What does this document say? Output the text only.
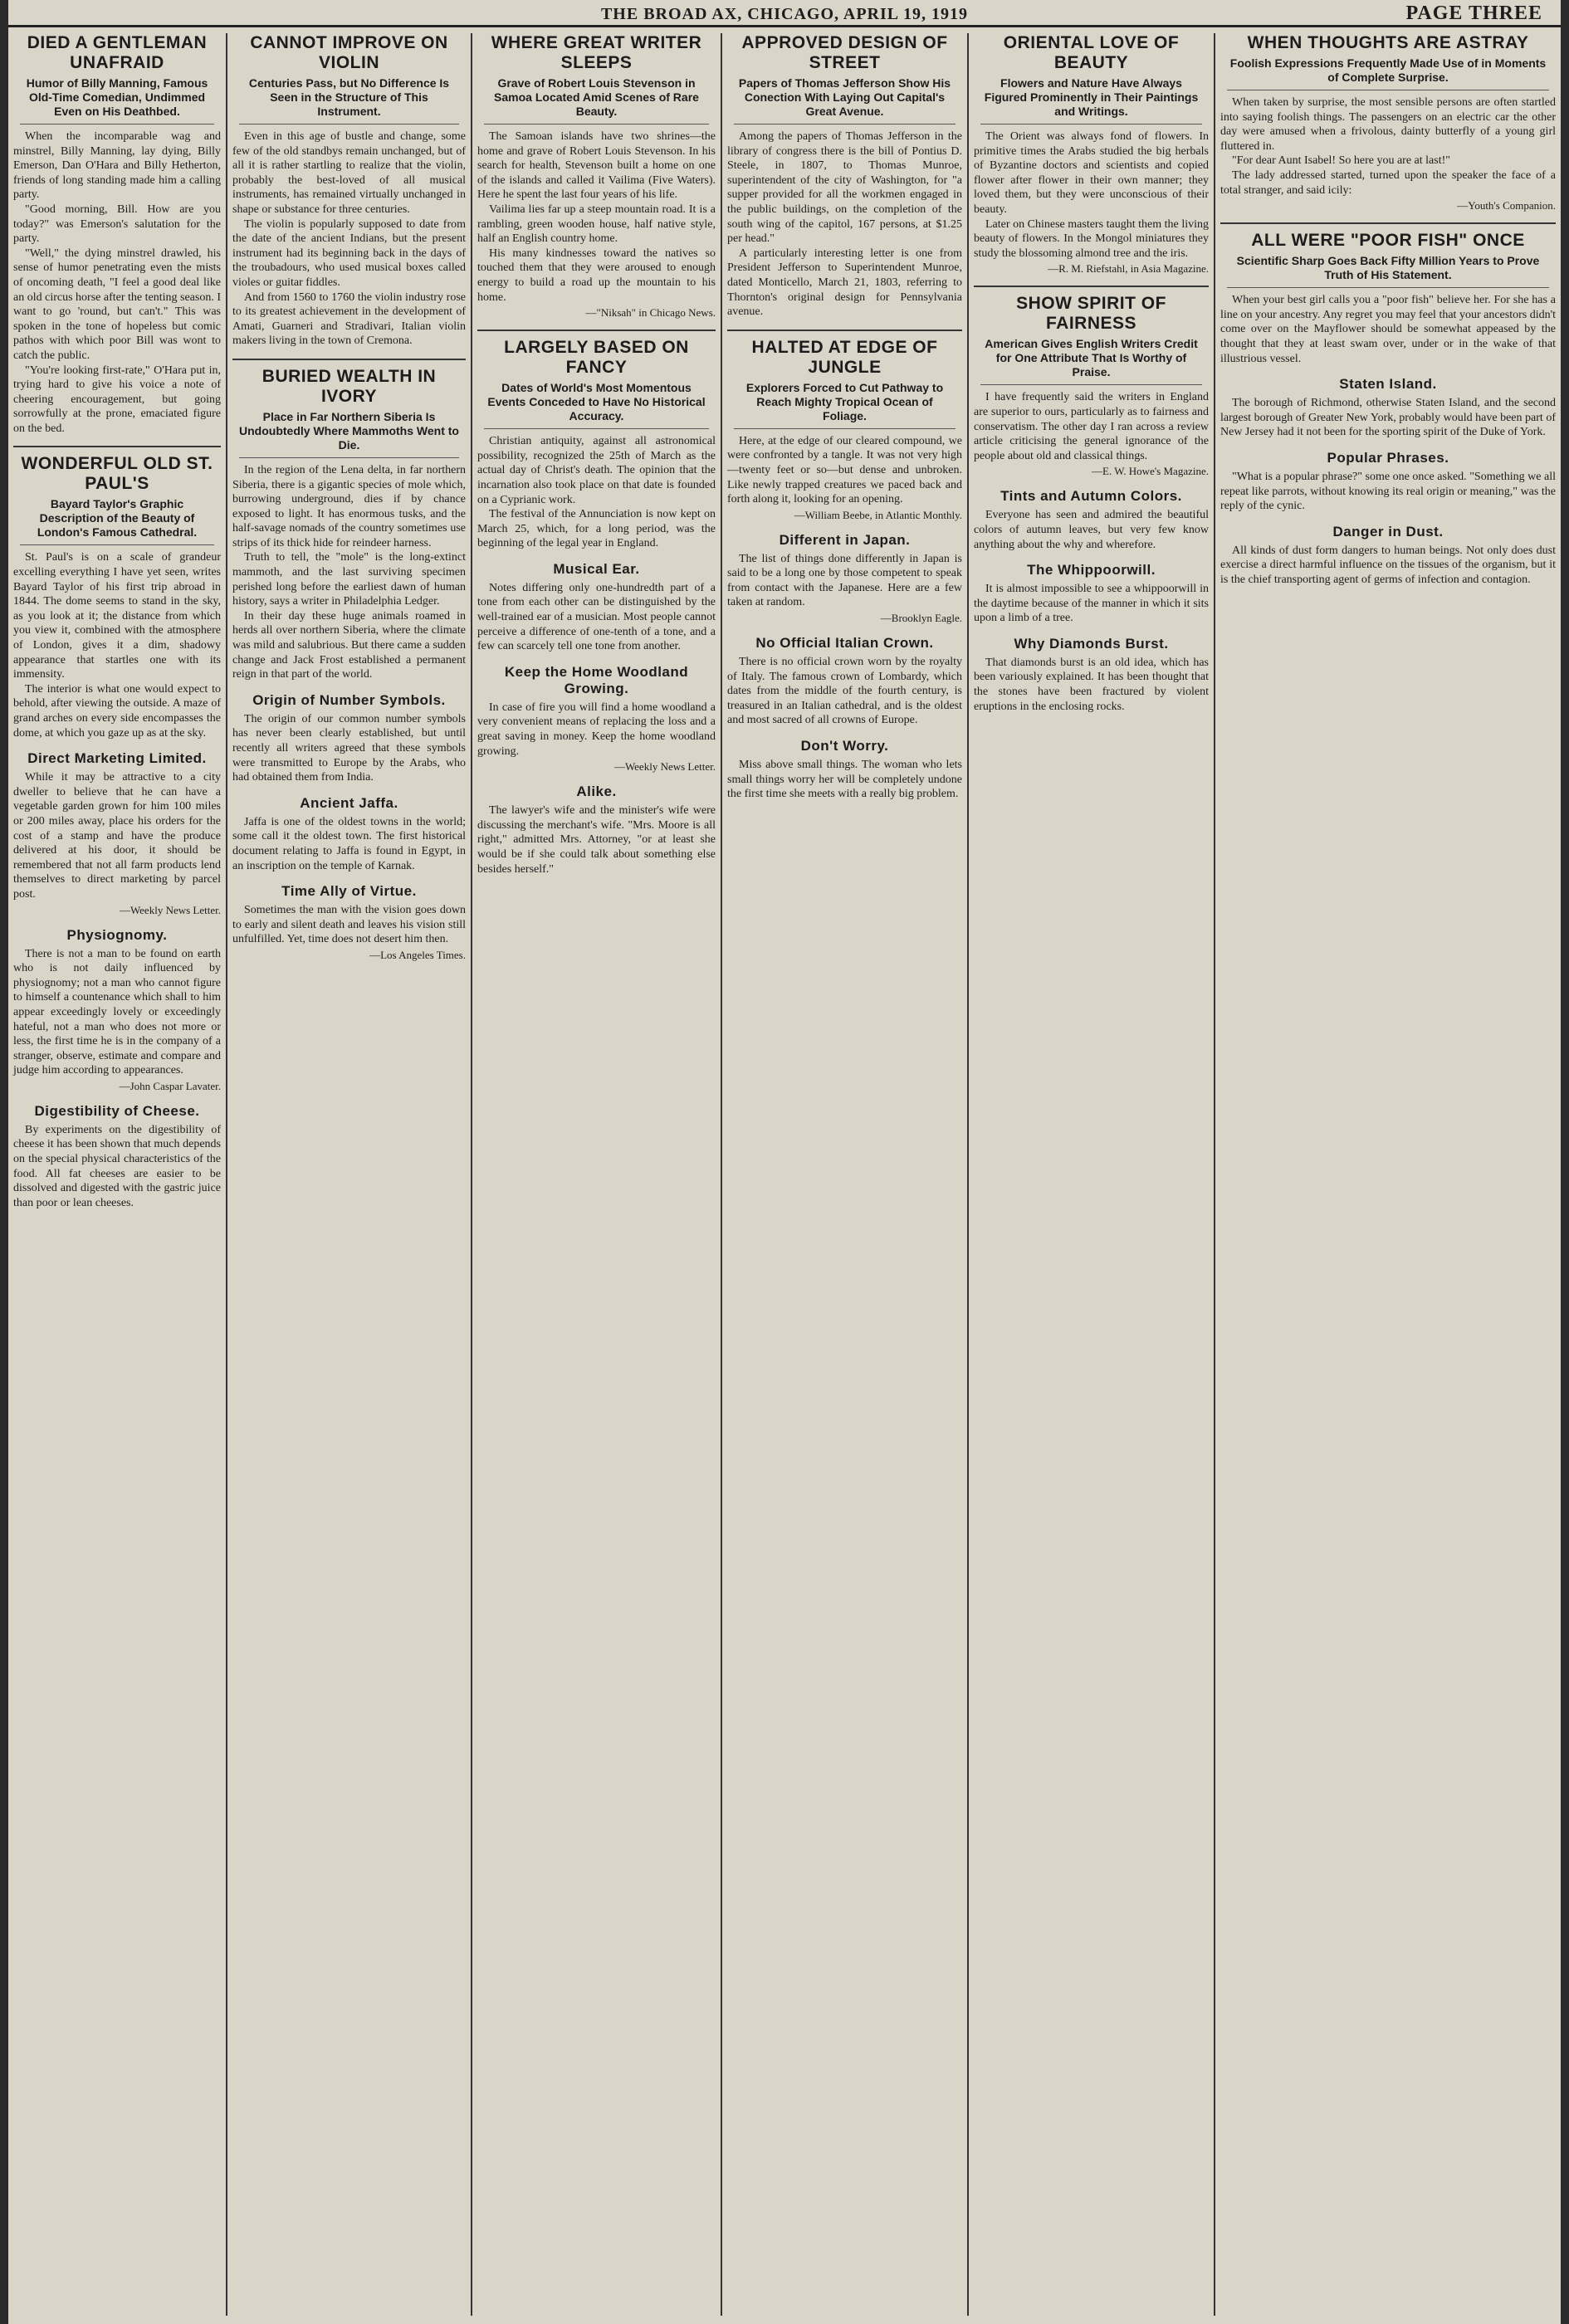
THE BROAD AX, CHICAGO, APRIL 19, 1919	PAGE THREE
DIED A GENTLEMAN UNAFRAID
Humor of Billy Manning, Famous Old-Time Comedian, Undimmed Even on His Deathbed.

When the incomparable wag and minstrel, Billy Manning, lay dying, Billy Emerson, Dan O'Hara and Billy Hetherton, friends of long standing made him a calling party.

"Good morning, Bill. How are you today?" was Emerson's salutation for the party.

"Well," the dying minstrel drawled, his sense of humor penetrating even the mists of oncoming death, "I feel a good deal like an old circus horse after the tenting season. I want to go 'round, but can't." This was spoken in the tone of hopeless but comic pathos with which poor Bill was wont to catch the public.

"You're looking first-rate," O'Hara put in, trying hard to give his voice a note of cheering encouragement, but going sorrowfully at the prone, emaciated figure on the bed.

WONDERFUL OLD ST. PAUL'S
Bayard Taylor's Graphic Description of the Beauty of London's Famous Cathedral.

St. Paul's is on a scale of grandeur excelling everything I have yet seen, writes Bayard Taylor of his first trip abroad in 1844. The dome seems to stand in the sky, as you look at it; the distance from which you view it, combined with the atmosphere of London, gives it a dim, shadowy appearance that startles one with its immensity.

The interior is what one would expect to behold, after viewing the outside. A maze of grand arches on every side encompasses the dome, at which you gaze up as at the sky.

Direct Marketing Limited.

While it may be attractive to a city dweller to believe that he can have a vegetable garden grown for him 100 miles or 200 miles away, place his orders for the cost of a stamp and have the produce delivered at his door, it should be remembered that not all farm products lend themselves to direct marketing by parcel post.

—Weekly News Letter.
Physiognomy.

There is not a man to be found on earth who is not daily influenced by physiognomy; not a man who cannot figure to himself a countenance which shall to him appear exceedingly lovely or exceedingly hateful, not a man who does not more or less, the first time he is in the company of a stranger, observe, estimate and compare and judge him according to appearances.

—John Caspar Lavater.
Digestibility of Cheese.

By experiments on the digestibility of cheese it has been shown that much depends on the special physical characteristics of the food. All fat cheeses are easier to be dissolved and digested with the gastric juice than poor or lean cheeses.

CANNOT IMPROVE ON VIOLIN
Centuries Pass, but No Difference Is Seen in the Structure of This Instrument.

Even in this age of bustle and change, some few of the old standbys remain unchanged, but of all it is rather startling to realize that the violin, probably the best-loved of all musical instruments, has remained virtually unchanged in shape or substance for three centuries.

The violin is popularly supposed to date from the date of the ancient Indians, but the present instrument had its beginning back in the days of the troubadours, who used musical boxes called violes or guitar fiddles.

And from 1560 to 1760 the violin industry rose to its greatest achievement in the development of Amati, Guarneri and Stradivari, Italian violin makers living in the town of Cremona.

BURIED WEALTH IN IVORY
Place in Far Northern Siberia Is Undoubtedly Where Mammoths Went to Die.

In the region of the Lena delta, in far northern Siberia, there is a gigantic species of mole which, burrowing underground, dies if by chance exposed to light. It has enormous tusks, and the half-savage nomads of the country sometimes use strips of its thick hide for reindeer harness.

Truth to tell, the "mole" is the long-extinct mammoth, and the last surviving specimen perished long before the earliest dawn of human history, says a writer in Philadelphia Ledger.

In their day these huge animals roamed in herds all over northern Siberia, where the climate was mild and salubrious. But there came a sudden change and Jack Frost established a permanent reign in that part of the world.

Origin of Number Symbols.

The origin of our common number symbols has never been clearly established, but until recently all writers agreed that these symbols were transmitted to Europe by the Arabs, who had obtained them from India.

Ancient Jaffa.

Jaffa is one of the oldest towns in the world; some call it the oldest town. The first historical document relating to Jaffa is found in Egypt, in an inscription on the temple of Karnak.

Time Ally of Virtue.

Sometimes the man with the vision goes down to early and silent death and leaves his vision still unfulfilled. Yet, time does not desert him then.

—Los Angeles Times.
WHERE GREAT WRITER SLEEPS
Grave of Robert Louis Stevenson in Samoa Located Amid Scenes of Rare Beauty.

The Samoan islands have two shrines—the home and grave of Robert Louis Stevenson. In his search for health, Stevenson built a home on one of the islands and called it Vailima (Five Waters). Here he spent the last four years of his life.

Vailima lies far up a steep mountain road. It is a rambling, green wooden house, half native style, half an English country home.

His many kindnesses toward the natives so touched them that they were aroused to enough energy to build a road up the mountain to his home.

—"Niksah" in Chicago News.
LARGELY BASED ON FANCY
Dates of World's Most Momentous Events Conceded to Have No Historical Accuracy.

Christian antiquity, against all astronomical possibility, recognized the 25th of March as the actual day of Christ's death. The opinion that the incarnation also took place on that date is founded on a Cyprianic work.

The festival of the Annunciation is now kept on March 25, which, for a long period, was the beginning of the legal year in England.

Musical Ear.

Notes differing only one-hundredth part of a tone from each other can be distinguished by the well-trained ear of a musician. Most people cannot perceive a difference of one-tenth of a tone, and a few can scarcely tell one tone from another.

Keep the Home Woodland Growing.

In case of fire you will find a home woodland a very convenient means of replacing the loss and a great saving in money. Keep the home woodland growing.

—Weekly News Letter.
Alike.

The lawyer's wife and the minister's wife were discussing the merchant's wife. "Mrs. Moore is all right," admitted Mrs. Attorney, "or at least she would be if she could talk about something else besides herself."

APPROVED DESIGN OF STREET
Papers of Thomas Jefferson Show His Conection With Laying Out Capital's Great Avenue.

Among the papers of Thomas Jefferson in the library of congress there is the bill of Pontius D. Steele, in 1807, to Thomas Munroe, superintendent of the city of Washington, for "a supper provided for all the workmen engaged in the public buildings, on the completion of the south wing of the capitol, 167 persons, at $1.25 per head."

A particularly interesting letter is one from President Jefferson to Superintendent Munroe, dated Monticello, March 21, 1803, referring to Thornton's original design for Pennsylvania avenue.

HALTED AT EDGE OF JUNGLE
Explorers Forced to Cut Pathway to Reach Mighty Tropical Ocean of Foliage.

Here, at the edge of our cleared compound, we were confronted by a tangle. It was not very high—twenty feet or so—but dense and unbroken. Like newly trapped creatures we paced back and forth along it, looking for an opening.

—William Beebe, in Atlantic Monthly.
Different in Japan.

The list of things done differently in Japan is said to be a long one by those competent to speak from contact with the Japanese. Here are a few taken at random.

—Brooklyn Eagle.
No Official Italian Crown.

There is no official crown worn by the royalty of Italy. The famous crown of Lombardy, which dates from the middle of the fourth century, is treasured in an Italian cathedral, and is the oldest and most sacred of all crowns of Europe.

Don't Worry.

Miss above small things. The woman who lets small things worry her will be completely undone the first time she meets with a really big problem.

ORIENTAL LOVE OF BEAUTY
Flowers and Nature Have Always Figured Prominently in Their Paintings and Writings.

The Orient was always fond of flowers. In primitive times the Arabs studied the big herbals of Byzantine doctors and scientists and copied flower after flower in their own manner; they loved them, but they were unconscious of their beauty.

Later on Chinese masters taught them the living beauty of flowers. In the Mongol miniatures they study the blossoming almond tree and the iris.

—R. M. Riefstahl, in Asia Magazine.
SHOW SPIRIT OF FAIRNESS
American Gives English Writers Credit for One Attribute That Is Worthy of Praise.

I have frequently said the writers in England are superior to ours, particularly as to fairness and conservatism. The other day I ran across a review article criticising the general ignorance of the people about old and classical things.

—E. W. Howe's Magazine.
Tints and Autumn Colors.

Everyone has seen and admired the beautiful colors of autumn leaves, but very few know anything about the why and wherefore.

The Whippoorwill.

It is almost impossible to see a whippoorwill in the daytime because of the manner in which it sits upon a limb of a tree.

Why Diamonds Burst.

That diamonds burst is an old idea, which has been variously explained. It has been thought that the stones have been fractured by violent eruptions in the enclosing rocks.

WHEN THOUGHTS ARE ASTRAY
Foolish Expressions Frequently Made Use of in Moments of Complete Surprise.

When taken by surprise, the most sensible persons are often startled into saying foolish things. The passengers on an electric car the other day were amused when a frivolous, dainty butterfly of a young girl fluttered in.

"For dear Aunt Isabel! So here you are at last!"

The lady addressed started, turned upon the speaker the face of a total stranger, and said icily:

—Youth's Companion.
ALL WERE "POOR FISH" ONCE
Scientific Sharp Goes Back Fifty Million Years to Prove Truth of His Statement.

When your best girl calls you a "poor fish" believe her. For she has a line on your ancestry. Any regret you may feel that your ancestors didn't come over on the Mayflower should be somewhat appeased by the thought that they at least swam over, under or in the wake of that illustrious vessel.

Staten Island.

The borough of Richmond, otherwise Staten Island, and the second largest borough of Greater New York, probably would have been part of New Jersey had it not been for the sporting spirit of the Duke of York.

Popular Phrases.

"What is a popular phrase?" some one once asked. "Something we all repeat like parrots, without knowing its real origin or meaning," was the reply of the cynic.

Danger in Dust.

All kinds of dust form dangers to human beings. Not only does dust exercise a direct harmful influence on the tissues of the organism, but it is the chief transporting agent of germs of infection and contagion.
